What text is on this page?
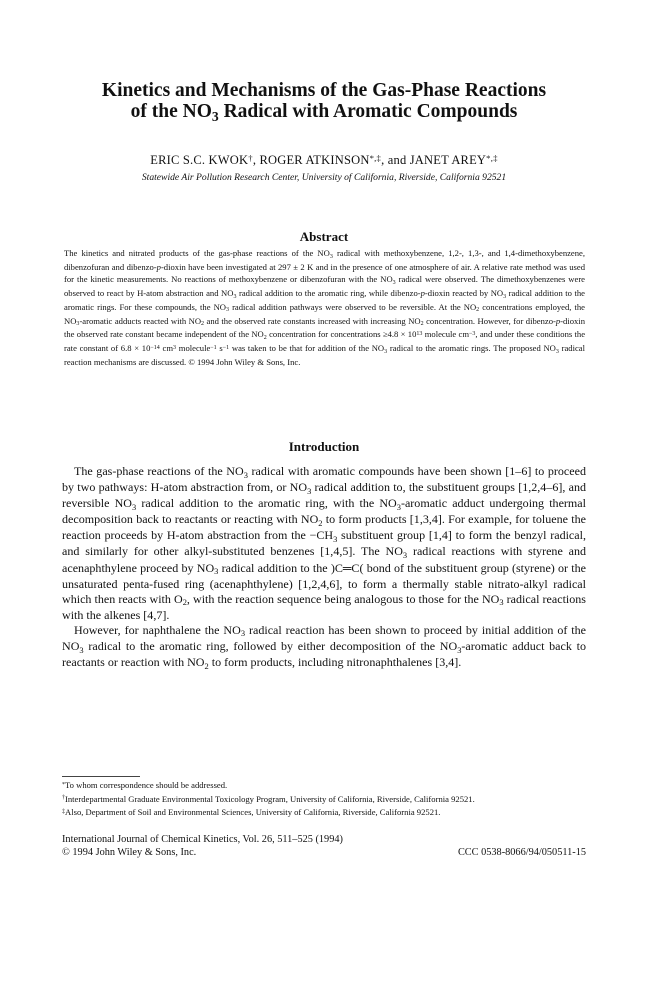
Kinetics and Mechanisms of the Gas-Phase Reactions
of the $NO_3$ Radical with Aromatic Compounds
ERIC S.C. KWOK†, ROGER ATKINSON*,‡, and JANET AREY*,‡
Statewide Air Pollution Research Center, University of California, Riverside, California 92521
Abstract
The kinetics and nitrated products of the gas-phase reactions of the $NO_3$ radical with methoxybenzene, 1,2-, 1,3-, and 1,4-dimethoxybenzene, dibenzofuran and dibenzo-p-dioxin have been investigated at 297 ± 2 K and in the presence of one atmosphere of air. A relative rate method was used for the kinetic measurements. No reactions of methoxybenzene or dibenzofuran with the $NO_3$ radical were observed. The dimethoxybenzenes were observed to react by H-atom abstraction and $NO_3$ radical addition to the aromatic ring, while dibenzo-p-dioxin reacted by $NO_3$ radical addition to the aromatic rings. For these compounds, the $NO_3$ radical addition pathways were observed to be reversible. At the $NO_2$ concentrations employed, the $NO_3$-aromatic adducts reacted with $NO_2$ and the observed rate constants increased with increasing $NO_2$ concentration. However, for dibenzo-p-dioxin the observed rate constant became independent of the $NO_2$ concentration for concentrations $\ge 4.8 \times 10^{13}$ molecule $cm^{-3}$, and under these conditions the rate constant of $6.8 \times 10^{-14}$ $cm^3$ molecule$^{-1}$ $s^{-1}$ was taken to be that for addition of the $NO_3$ radical to the aromatic rings. The proposed $NO_3$ radical reaction mechanisms are discussed. © 1994 John Wiley & Sons, Inc.
Introduction

The gas-phase reactions of the $NO_3$ radical with aromatic compounds have been shown [1–6] to proceed by two pathways: H-atom abstraction from, or $NO_3$ radical addition to, the substituent groups [1,2,4–6], and reversible $NO_3$ radical addition to the aromatic ring, with the $NO_3$-aromatic adduct undergoing thermal decomposition back to reactants or reacting with $NO_2$ to form products [1,3,4]. For example, for toluene the reaction proceeds by H-atom abstraction from the $-CH_3$ substituent group [1,4] to form the benzyl radical, and similarly for other alkyl-substituted benzenes [1,4,5]. The $NO_3$ radical reactions with styrene and acenaphthylene proceed by $NO_3$ radical addition to the )C═C( bond of the substituent group (styrene) or the unsaturated penta-fused ring (acenaphthylene) [1,2,4,6], to form a thermally stable nitrato-alkyl radical which then reacts with $O_2$, with the reaction sequence being analogous to those for the $NO_3$ radical reactions with the alkenes [4,7].

However, for naphthalene the $NO_3$ radical reaction has been shown to proceed by initial addition of the $NO_3$ radical to the aromatic ring, followed by either decomposition of the $NO_3$-aromatic adduct back to reactants or reaction with $NO_2$ to form products, including nitronaphthalenes [3,4].

*To whom correspondence should be addressed.
†Interdepartmental Graduate Environmental Toxicology Program, University of California, Riverside, California 92521.
‡Also, Department of Soil and Environmental Sciences, University of California, Riverside, California 92521.
International Journal of Chemical Kinetics, Vol. 26, 511–525 (1994)
© 1994 John Wiley & Sons, Inc.	CCC 0538-8066/94/050511-15
